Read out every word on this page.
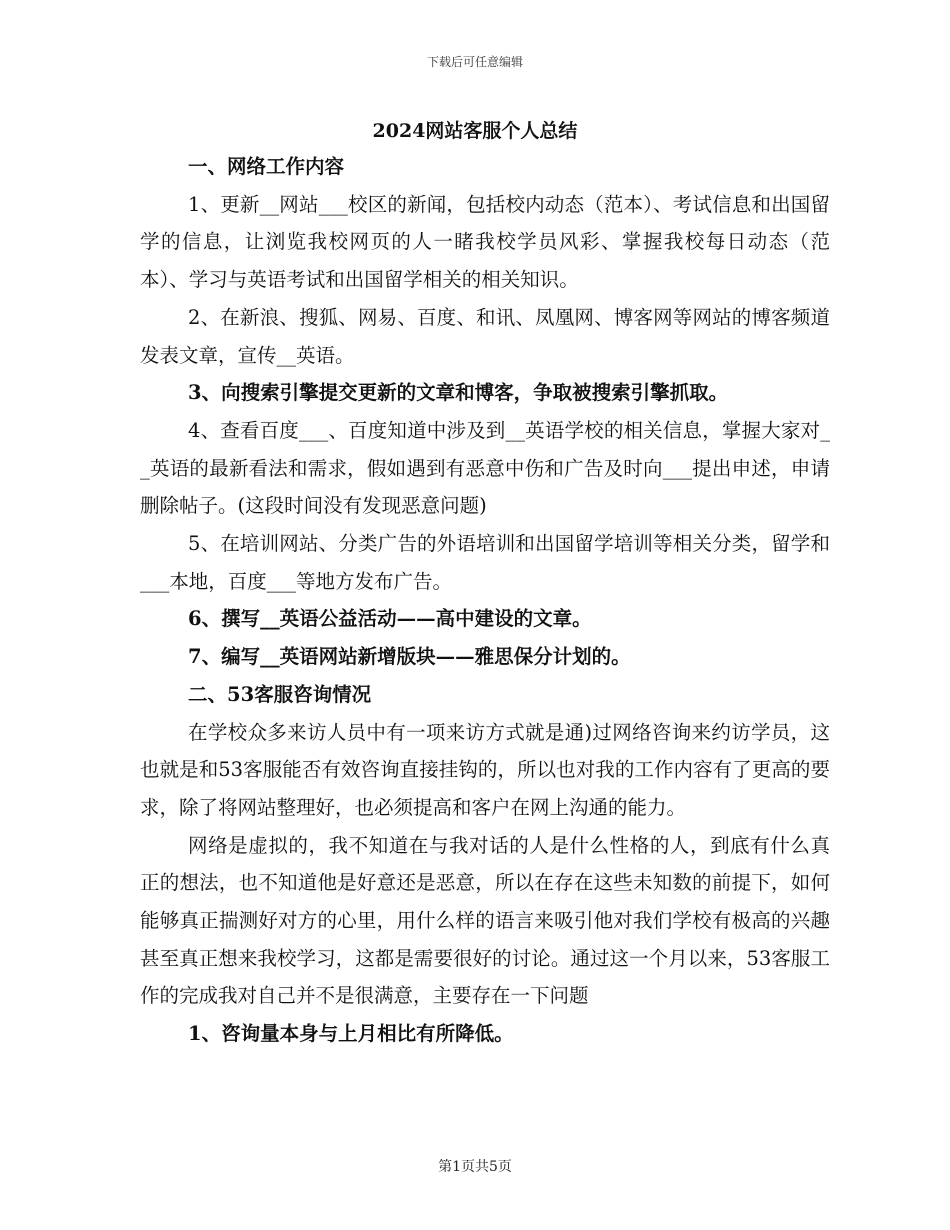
下载后可任意编辑
2024网站客服个人总结

一、网络工作内容

1、更新__网站___校区的新闻，包括校内动态（范本）、考试信息和出国留学的信息，让浏览我校网页的人一睹我校学员风彩、掌握我校每日动态（范本）、学习与英语考试和出国留学相关的相关知识。

2、在新浪、搜狐、网易、百度、和讯、凤凰网、博客网等网站的博客频道发表文章，宣传__英语。

3、向搜索引擎提交更新的文章和博客，争取被搜索引擎抓取。

4、查看百度___、百度知道中涉及到__英语学校的相关信息，掌握大家对__英语的最新看法和需求，假如遇到有恶意中伤和广告及时向___提出申述，申请删除帖子。(这段时间没有发现恶意问题)

5、在培训网站、分类广告的外语培训和出国留学培训等相关分类，留学和___本地，百度___等地方发布广告。

6、撰写__英语公益活动——高中建设的文章。

7、编写__英语网站新增版块——雅思保分计划的。

二、53客服咨询情况

在学校众多来访人员中有一项来访方式就是通)过网络咨询来约访学员，这也就是和53客服能否有效咨询直接挂钩的，所以也对我的工作内容有了更高的要求，除了将网站整理好，也必须提高和客户在网上沟通的能力。

网络是虚拟的，我不知道在与我对话的人是什么性格的人，到底有什么真正的想法，也不知道他是好意还是恶意，所以在存在这些未知数的前提下，如何能够真正揣测好对方的心里，用什么样的语言来吸引他对我们学校有极高的兴趣甚至真正想来我校学习，这都是需要很好的讨论。通过这一个月以来，53客服工作的完成我对自己并不是很满意，主要存在一下问题

1、咨询量本身与上月相比有所降低。

第1页共5页
